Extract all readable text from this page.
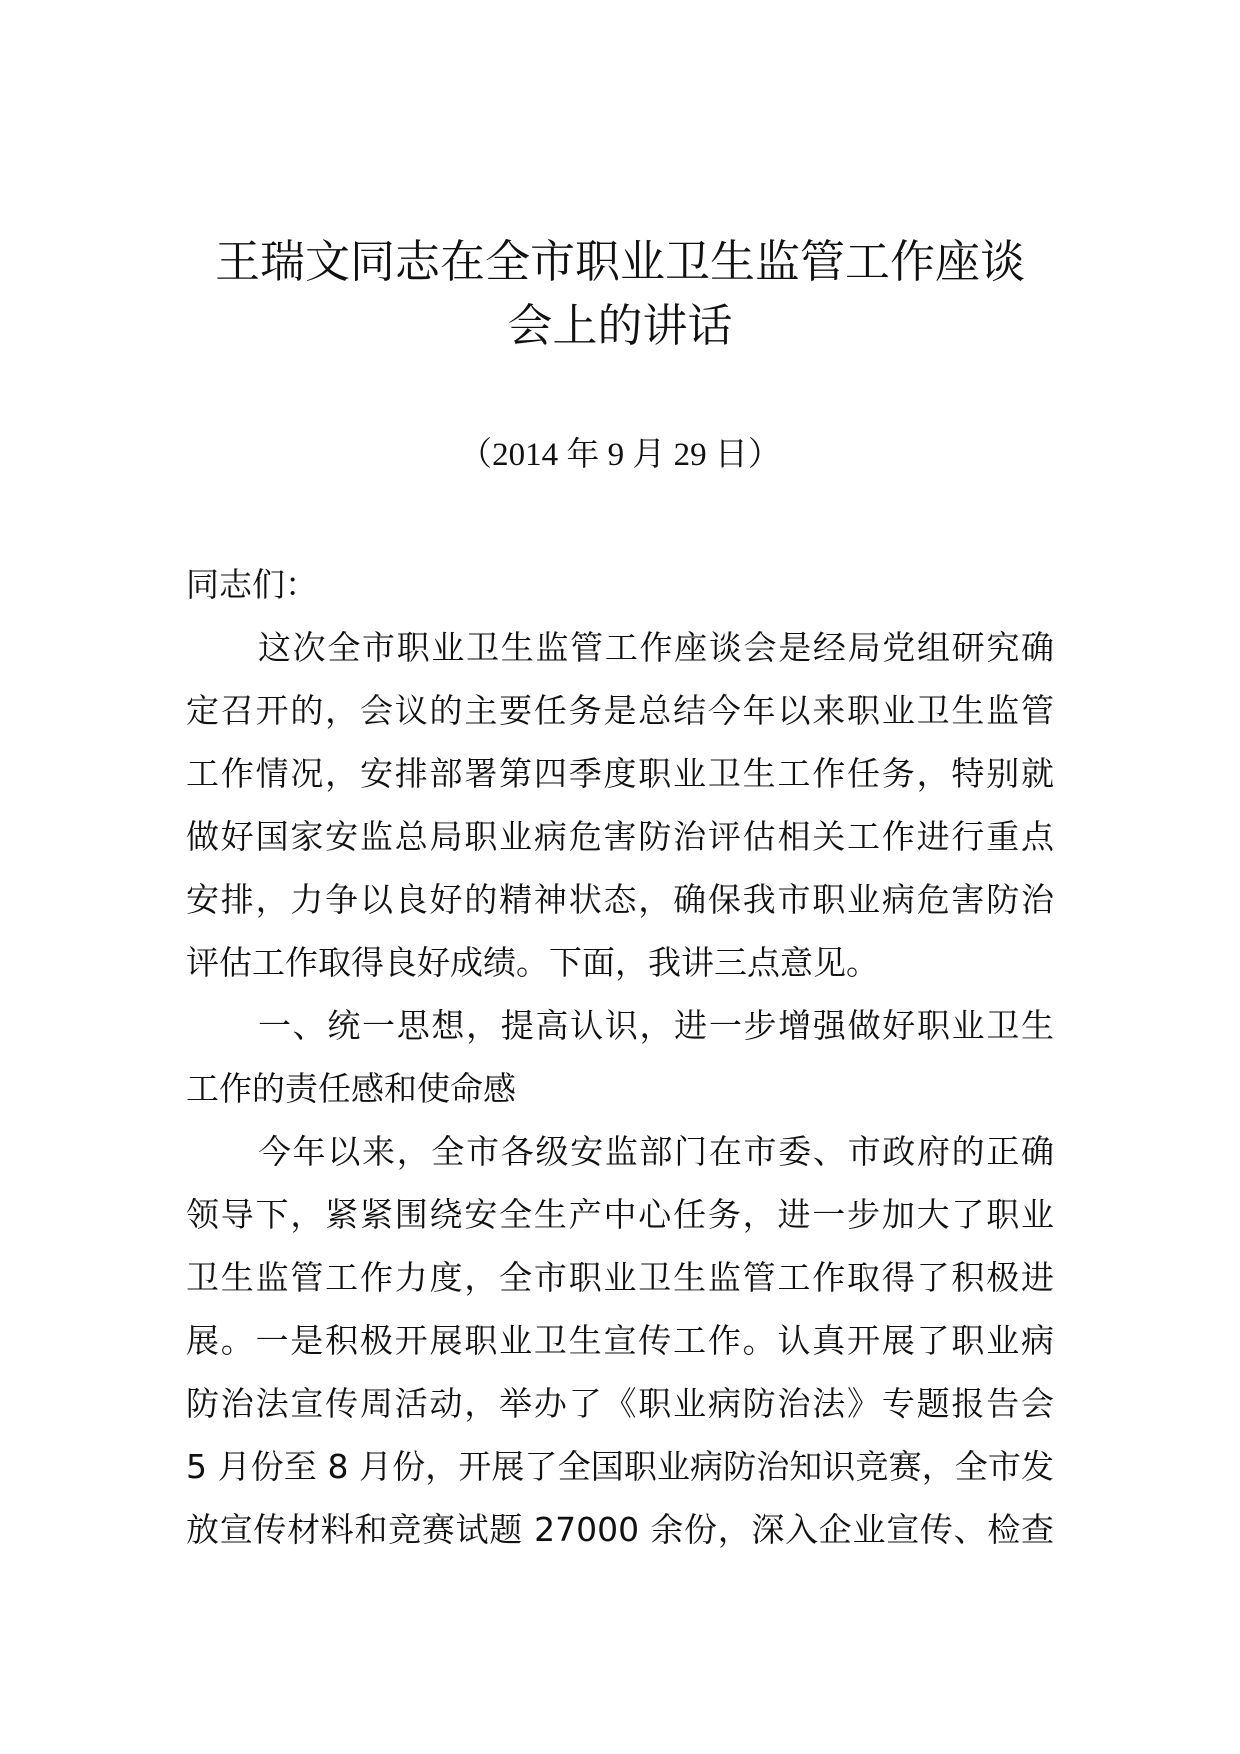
王瑞文同志在全市职业卫生监管工作座谈
会上的讲话

（2014 年 9 月 29 日）

同志们：

这次全市职业卫生监管工作座谈会是经局党组研究确

定召开的，会议的主要任务是总结今年以来职业卫生监管

工作情况，安排部署第四季度职业卫生工作任务，特别就

做好国家安监总局职业病危害防治评估相关工作进行重点

安排，力争以良好的精神状态，确保我市职业病危害防治

评估工作取得良好成绩。下面，我讲三点意见。

一、统一思想，提高认识，进一步增强做好职业卫生

工作的责任感和使命感

今年以来，全市各级安监部门在市委、市政府的正确

领导下，紧紧围绕安全生产中心任务，进一步加大了职业

卫生监管工作力度，全市职业卫生监管工作取得了积极进

展。一是积极开展职业卫生宣传工作。认真开展了职业病

防治法宣传周活动，举办了《职业病防治法》专题报告会

5 月份至 8 月份，开展了全国职业病防治知识竞赛，全市发

放宣传材料和竞赛试题 27000 余份，深入企业宣传、检查
